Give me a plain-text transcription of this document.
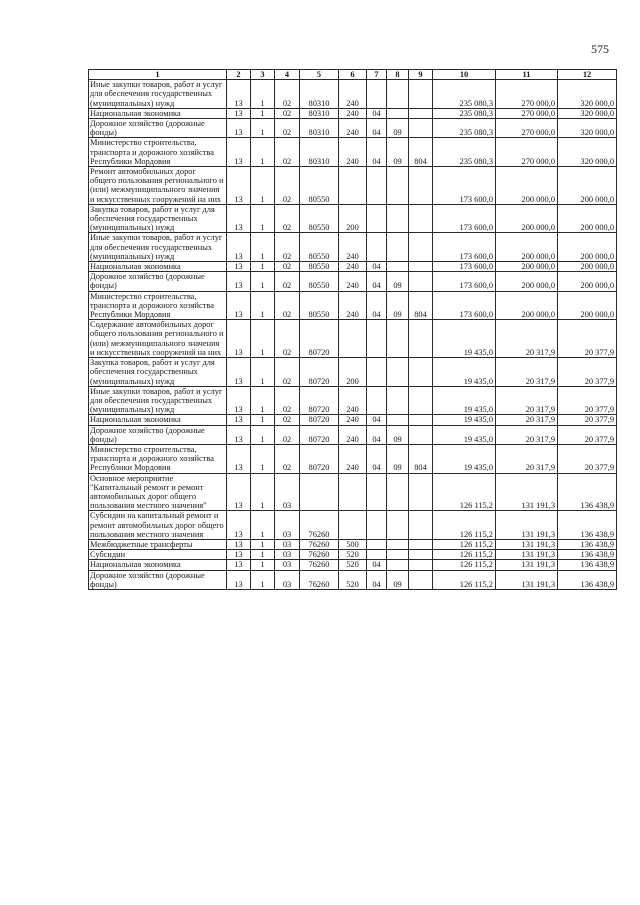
575
1	2	3	4	5	6	7	8	9	10	11	12
Иные закупки товаров, работ и услуг для обеспечения государственных (муниципальных) нужд	13	1	02	80310	240				235 080,3	270 000,0	320 000,0
Национальная экономика	13	1	02	80310	240	04			235 080,3	270 000,0	320 000,0
Дорожное хозяйство (дорожные фонды)	13	1	02	80310	240	04	09		235 080,3	270 000,0	320 000,0
Министерство строительства, транспорта и дорожного хозяйства Республики Мордовия	13	1	02	80310	240	04	09	804	235 080,3	270 000,0	320 000,0
Ремонт автомобильных дорог общего пользования регионального и (или) межмуниципального значения и искусственных сооружений на них	13	1	02	80550					173 600,0	200 000,0	200 000,0
Закупка товаров, работ и услуг для обеспечения государственных (муниципальных) нужд	13	1	02	80550	200				173 600,0	200 000,0	200 000,0
Иные закупки товаров, работ и услуг для обеспечения государственных (муниципальных) нужд	13	1	02	80550	240				173 600,0	200 000,0	200 000,0
Национальная экономика	13	1	02	80550	240	04			173 600,0	200 000,0	200 000,0
Дорожное хозяйство (дорожные фонды)	13	1	02	80550	240	04	09		173 600,0	200 000,0	200 000,0
Министерство строительства, транспорта и дорожного хозяйства Республики Мордовия	13	1	02	80550	240	04	09	804	173 600,0	200 000,0	200 000,0
Содержание автомобильных дорог общего пользования регионального и (или) межмуниципального значения и искусственных сооружений на них	13	1	02	80720					19 435,0	20 317,9	20 377,9
Закупка товаров, работ и услуг для обеспечения государственных (муниципальных) нужд	13	1	02	80720	200				19 435,0	20 317,9	20 377,9
Иные закупки товаров, работ и услуг для обеспечения государственных (муниципальных) нужд	13	1	02	80720	240				19 435,0	20 317,9	20 377,9
Национальная экономика	13	1	02	80720	240	04			19 435,0	20 317,9	20 377,9
Дорожное хозяйство (дорожные фонды)	13	1	02	80720	240	04	09		19 435,0	20 317,9	20 377,9
Министерство строительства, транспорта и дорожного хозяйства Республики Мордовия	13	1	02	80720	240	04	09	804	19 435,0	20 317,9	20 377,9
Основное мероприятие "Капитальный ремонт и ремонт автомобильных дорог общего пользования местного значения"	13	1	03						126 115,2	131 191,3	136 438,9
Субсидии на капитальный ремонт и ремонт автомобильных дорог общего пользования местного значения	13	1	03	76260					126 115,2	131 191,3	136 438,9
Межбюджетные трансферты	13	1	03	76260	500				126 115,2	131 191,3	136 438,9
Субсидии	13	1	03	76260	520				126 115,2	131 191,3	136 438,9
Национальная экономика	13	1	03	76260	520	04			126 115,2	131 191,3	136 438,9
Дорожное хозяйство (дорожные фонды)	13	1	03	76260	520	04	09		126 115,2	131 191,3	136 438,9
